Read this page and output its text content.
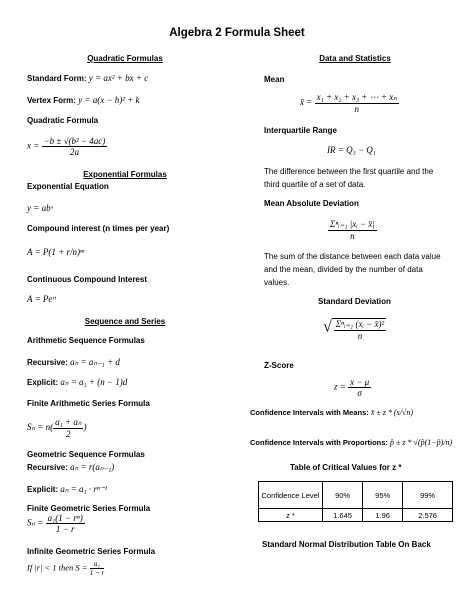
Algebra 2 Formula Sheet
Quadratic Formulas
Standard Form: y = ax² + bx + c
Vertex Form: y = a(x − h)² + k
Quadratic Formula
$x = \frac{\text{−b ± √(b² − 4ac)}}{2a}$
Exponential Formulas
Exponential Equation
y = abˣ
Compound interest (n times per year)
A = P(1 + r/n)ⁿᵗ
Continuous Compound Interest
A = Peʳᵗ
Sequence and Series
Arithmetic Sequence Formulas
Recursive: aₙ = aₙ₋₁ + d
Explicit: aₙ = a₁ + (n − 1)d
Finite Arithmetic Series Formula
$S_n = n( \frac{\text{a₁ + aₙ}}{2}$ )
Geometric Sequence Formulas
Recursive: aₙ = r(aₙ₋₁)
Explicit: aₙ = a₁ · rⁿ⁻¹
Finite Geometric Series Formula
$S_n = \frac{\text{a₁(1 − rⁿ)}}{1 - r}$
Infinite Geometric Series Formula
If |r| < 1 then $S = \frac{\text{a₁}}{1 - r}$
Data and Statistics
Mean
x̄ = $\frac{\text{x₁ + x₂ + x₃ + ⋯ + xₙ}}{n}$
Interquartile Range
IR = Q₃ − Q₁
The difference between the first quartile and the third quartile of a set of data.
Mean Absolute Deviation
$\frac{\text{Σⁿᵢ₌₁ |xᵢ − x̄|}}{n}$
The sum of the distance between each data value and the mean, divided by the number of data values.
Standard Deviation
√ $\frac{\text{Σⁿᵢ₌₁ (xᵢ − x̄)²}}{n}$
Z-Score
$z = \frac{x - \mu}{\sigma}$
Confidence Intervals with Means: x̄ ± z * (s/√n)
Confidence Intervals with Proportions: p̂ ± z * √(p̂(1−p̂)/n)
Table of Critical Values for z *
Confidence Level	90%	95%	99%
z *	1.645	1.96	2.576
Standard Normal Distribution Table On Back
